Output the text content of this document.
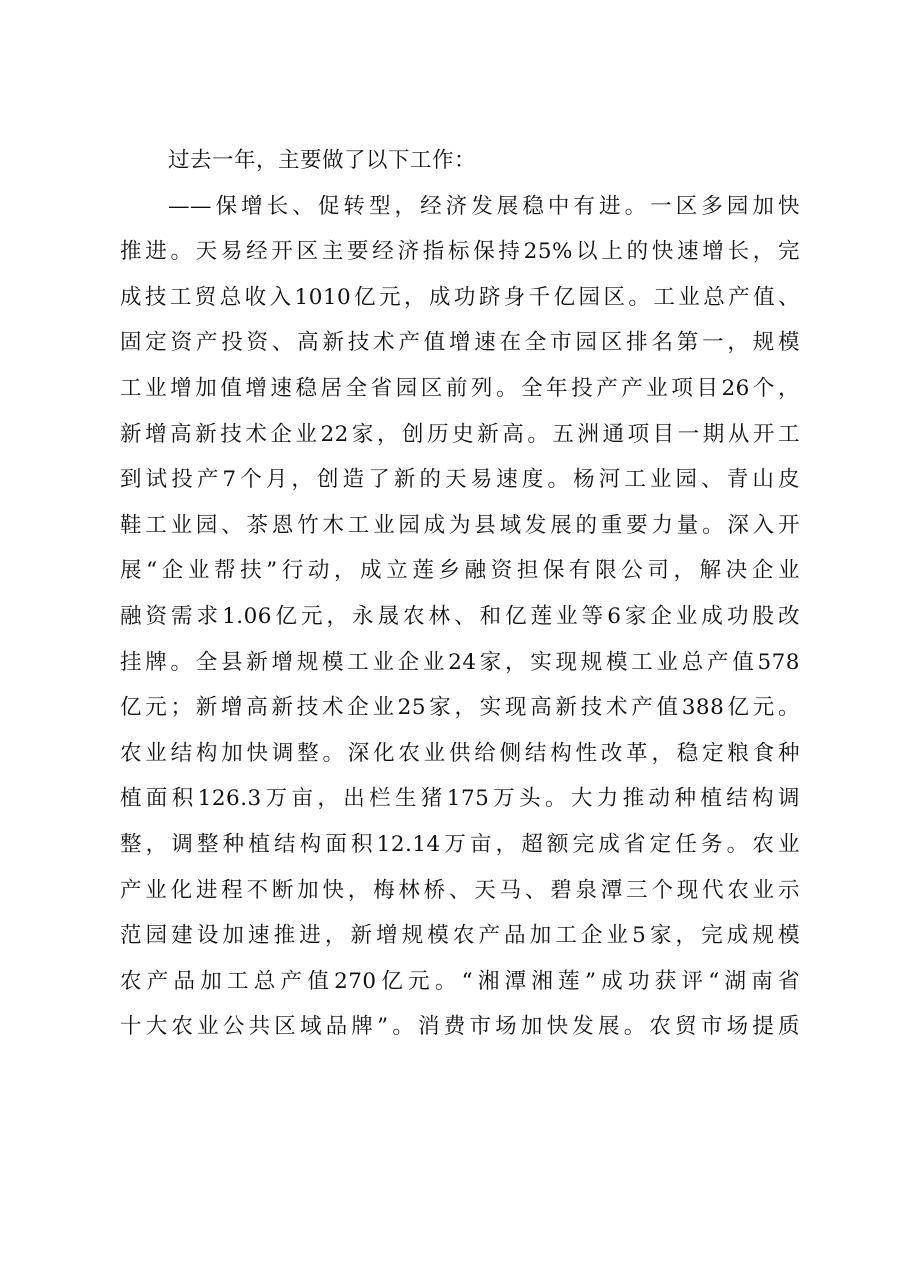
过去一年，主要做了以下工作：
——保增长、促转型，经济发展稳中有进。一区多园加快
推进。天易经开区主要经济指标保持25%以上的快速增长，完
成技工贸总收入1010亿元，成功跻身千亿园区。工业总产值、
固定资产投资、高新技术产值增速在全市园区排名第一，规模
工业增加值增速稳居全省园区前列。全年投产产业项目26个，
新增高新技术企业22家，创历史新高。五洲通项目一期从开工
到试投产7个月，创造了新的天易速度。杨河工业园、青山皮
鞋工业园、茶恩竹木工业园成为县域发展的重要力量。深入开
展“企业帮扶”行动，成立莲乡融资担保有限公司，解决企业
融资需求1.06亿元，永晟农林、和亿莲业等6家企业成功股改
挂牌。全县新增规模工业企业24家，实现规模工业总产值578
亿元；新增高新技术企业25家，实现高新技术产值388亿元。
农业结构加快调整。深化农业供给侧结构性改革，稳定粮食种
植面积126.3万亩，出栏生猪175万头。大力推动种植结构调
整，调整种植结构面积12.14万亩，超额完成省定任务。农业
产业化进程不断加快，梅林桥、天马、碧泉潭三个现代农业示
范园建设加速推进，新增规模农产品加工企业5家，完成规模
农产品加工总产值270亿元。“湘潭湘莲”成功获评“湖南省
十大农业公共区域品牌”。消费市场加快发展。农贸市场提质
